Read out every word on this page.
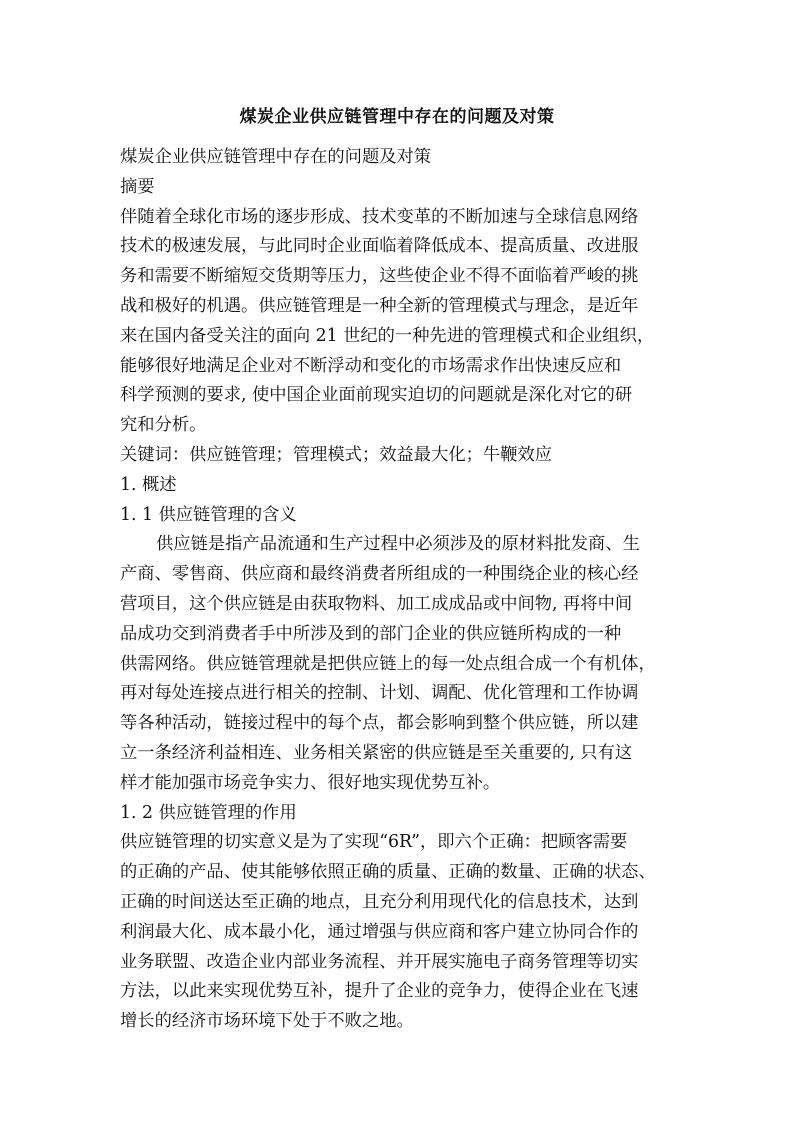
煤炭企业供应链管理中存在的问题及对策
煤炭企业供应链管理中存在的问题及对策
摘要
伴随着全球化市场的逐步形成、技术变革的不断加速与全球信息网络
技术的极速发展，与此同时企业面临着降低成本、提高质量、改进服
务和需要不断缩短交货期等压力，这些使企业不得不面临着严峻的挑
战和极好的机遇。供应链管理是一种全新的管理模式与理念，是近年
来在国内备受关注的面向 21 世纪的一种先进的管理模式和企业组织，
能够很好地满足企业对不断浮动和变化的市场需求作出快速反应和
科学预测的要求, 使中国企业面前现实迫切的问题就是深化对它的研
究和分析。
关键词：供应链管理；管理模式；效益最大化；牛鞭效应
1. 概述
1. 1 供应链管理的含义
供应链是指产品流通和生产过程中必须涉及的原材料批发商、生
产商、零售商、供应商和最终消费者所组成的一种围绕企业的核心经
营项目，这个供应链是由获取物料、加工成成品或中间物, 再将中间
品成功交到消费者手中所涉及到的部门企业的供应链所构成的一种
供需网络。供应链管理就是把供应链上的每一处点组合成一个有机体，
再对每处连接点进行相关的控制、计划、调配、优化管理和工作协调
等各种活动，链接过程中的每个点，都会影响到整个供应链，所以建
立一条经济利益相连、业务相关紧密的供应链是至关重要的, 只有这
样才能加强市场竞争实力、很好地实现优势互补。
1. 2 供应链管理的作用
供应链管理的切实意义是为了实现“6R”，即六个正确：把顾客需要
的正确的产品、使其能够依照正确的质量、正确的数量、正确的状态、
正确的时间送达至正确的地点，且充分利用现代化的信息技术，达到
利润最大化、成本最小化，通过增强与供应商和客户建立协同合作的
业务联盟、改造企业内部业务流程、并开展实施电子商务管理等切实
方法，以此来实现优势互补，提升了企业的竞争力，使得企业在飞速
增长的经济市场环境下处于不败之地。
